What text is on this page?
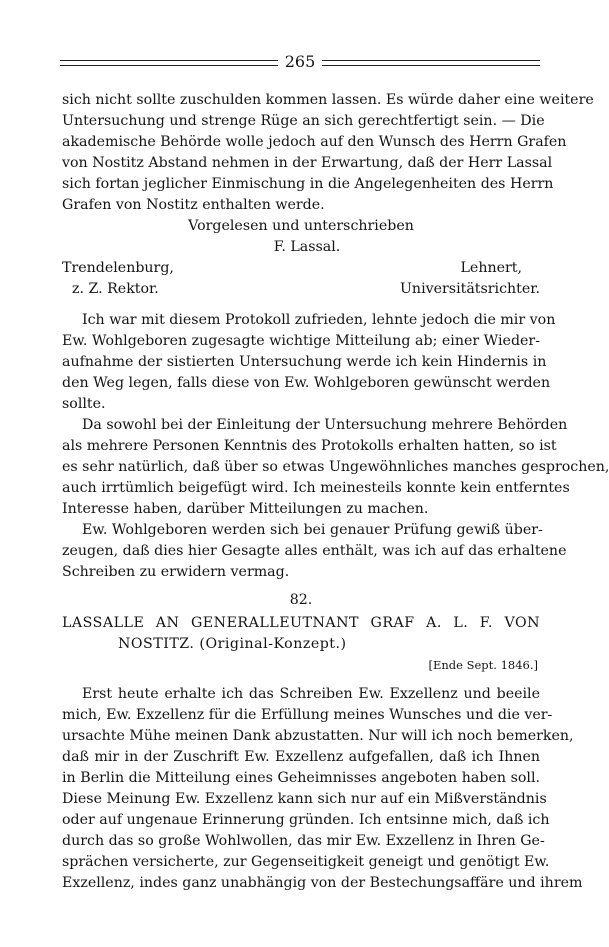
265
sich nicht sollte zuschulden kommen lassen. Es würde daher eine weitere
Untersuchung und strenge Rüge an sich gerechtfertigt sein. — Die
akademische Behörde wolle jedoch auf den Wunsch des Herrn Grafen
von Nostitz Abstand nehmen in der Erwartung, daß der Herr Lassal
sich fortan jeglicher Einmischung in die Angelegenheiten des Herrn
Grafen von Nostitz enthalten werde.
Vorgelesen und unterschrieben
F. Lassal.
Trendelenburg,
z. Z. Rektor.
Lehnert,
Universitätsrichter.
Ich war mit diesem Protokoll zufrieden, lehnte jedoch die mir von
Ew. Wohlgeboren zugesagte wichtige Mitteilung ab; einer Wieder-
aufnahme der sistierten Untersuchung werde ich kein Hindernis in
den Weg legen, falls diese von Ew. Wohlgeboren gewünscht werden
sollte.
Da sowohl bei der Einleitung der Untersuchung mehrere Behörden
als mehrere Personen Kenntnis des Protokolls erhalten hatten, so ist
es sehr natürlich, daß über so etwas Ungewöhnliches manches gesprochen,
auch irrtümlich beigefügt wird. Ich meinesteils konnte kein entferntes
Interesse haben, darüber Mitteilungen zu machen.
Ew. Wohlgeboren werden sich bei genauer Prüfung gewiß über-
zeugen, daß dies hier Gesagte alles enthält, was ich auf das erhaltene
Schreiben zu erwidern vermag.
82.
LASSALLE AN GENERALLEUTNANT GRAF A. L. F. VON
NOSTITZ. (Original-Konzept.)
[Ende Sept. 1846.]
Erst heute erhalte ich das Schreiben Ew. Exzellenz und beeile
mich, Ew. Exzellenz für die Erfüllung meines Wunsches und die ver-
ursachte Mühe meinen Dank abzustatten. Nur will ich noch bemerken,
daß mir in der Zuschrift Ew. Exzellenz aufgefallen, daß ich Ihnen
in Berlin die Mitteilung eines Geheimnisses angeboten haben soll.
Diese Meinung Ew. Exzellenz kann sich nur auf ein Mißverständnis
oder auf ungenaue Erinnerung gründen. Ich entsinne mich, daß ich
durch das so große Wohlwollen, das mir Ew. Exzellenz in Ihren Ge-
sprächen versicherte, zur Gegenseitigkeit geneigt und genötigt Ew.
Exzellenz, indes ganz unabhängig von der Bestechungsaffäre und ihrem
